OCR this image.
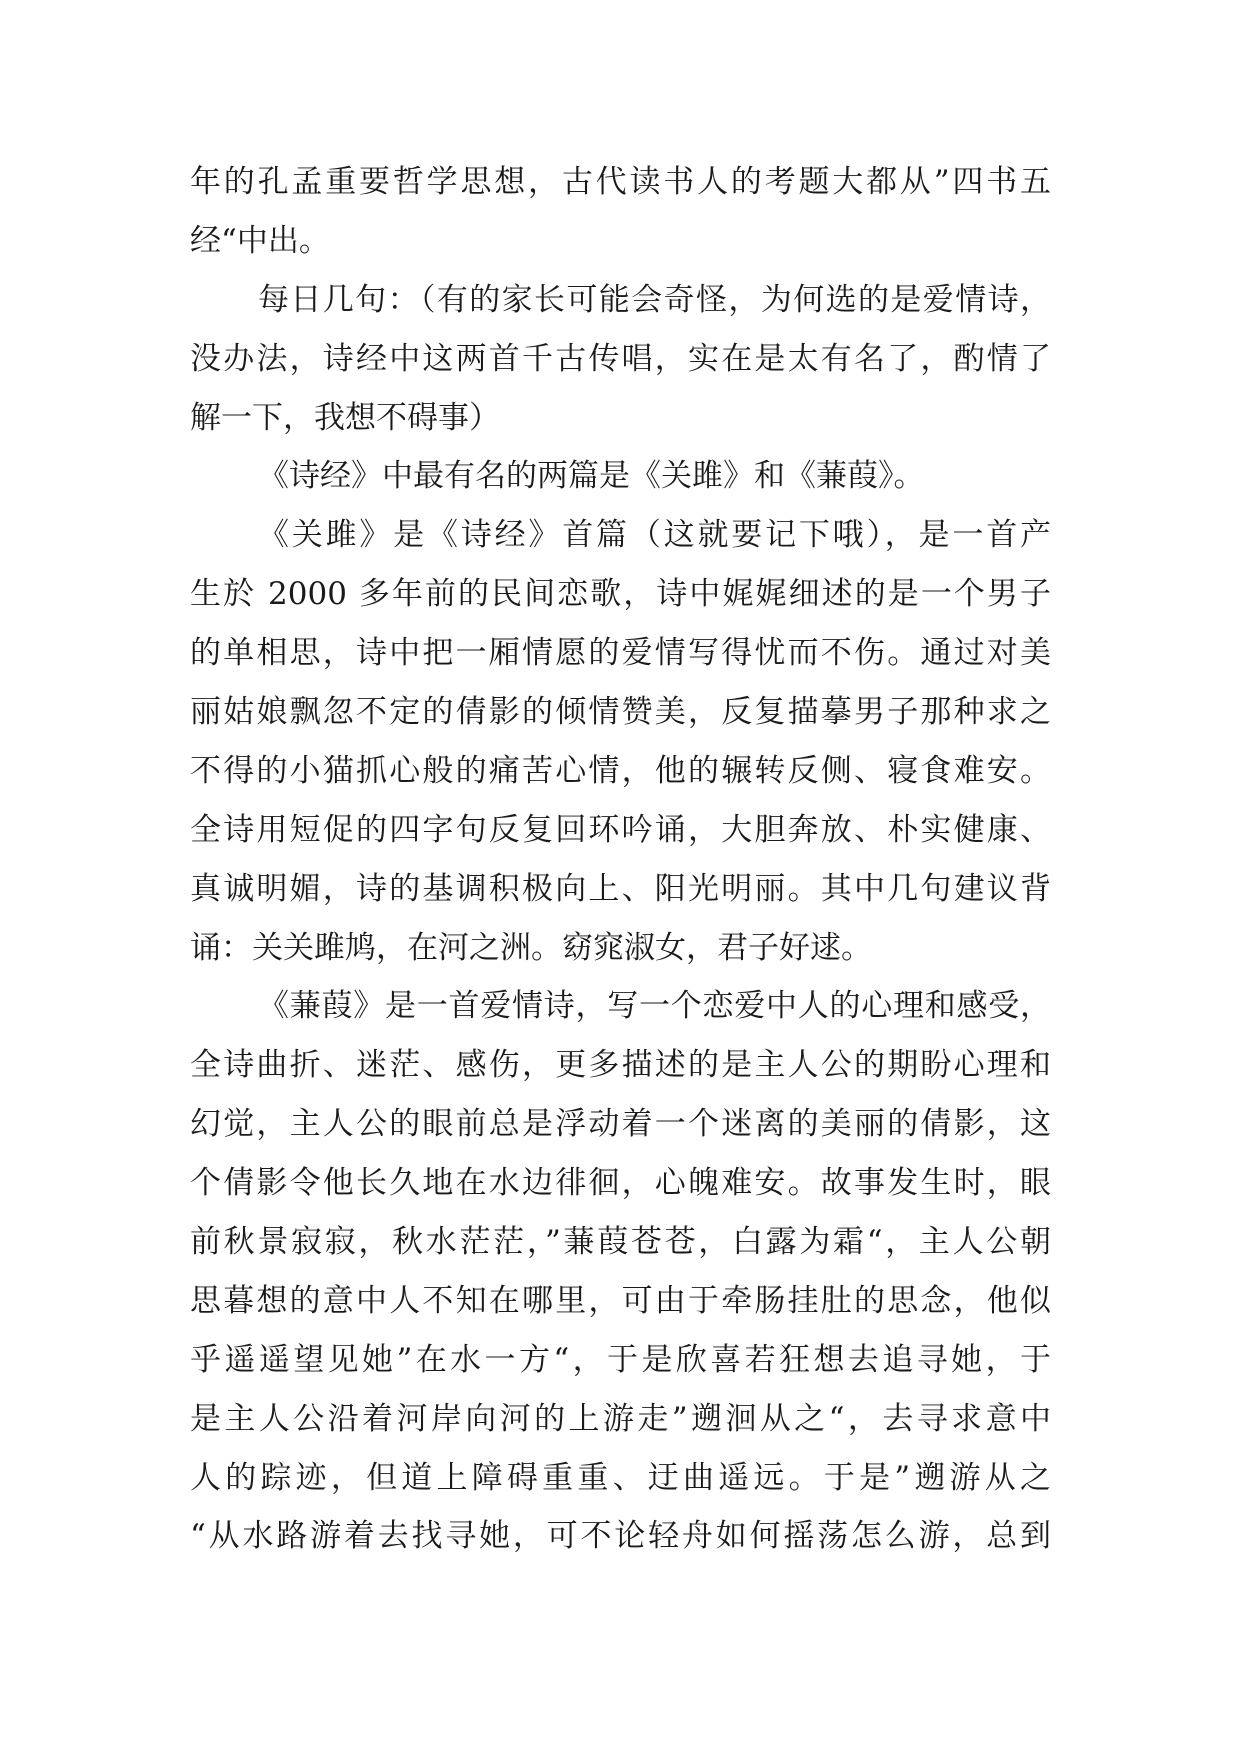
年的孔孟重要哲学思想，古代读书人的考题大都从”四书五
经“中出。
每日几句：（有的家长可能会奇怪，为何选的是爱情诗，
没办法，诗经中这两首千古传唱，实在是太有名了，酌情了
解一下，我想不碍事）
《诗经》中最有名的两篇是《关雎》和《蒹葭》。
《关雎》是《诗经》首篇（这就要记下哦），是一首产
生於 2000 多年前的民间恋歌，诗中娓娓细述的是一个男子
的单相思，诗中把一厢情愿的爱情写得忧而不伤。通过对美
丽姑娘飘忽不定的倩影的倾情赞美，反复描摹男子那种求之
不得的小猫抓心般的痛苦心情，他的辗转反侧、寝食难安。
全诗用短促的四字句反复回环吟诵，大胆奔放、朴实健康、
真诚明媚，诗的基调积极向上、阳光明丽。其中几句建议背
诵：关关雎鸠，在河之洲。窈窕淑女，君子好逑。
《蒹葭》是一首爱情诗，写一个恋爱中人的心理和感受，
全诗曲折、迷茫、感伤，更多描述的是主人公的期盼心理和
幻觉，主人公的眼前总是浮动着一个迷离的美丽的倩影，这
个倩影令他长久地在水边徘徊，心魄难安。故事发生时，眼
前秋景寂寂，秋水茫茫，”蒹葭苍苍，白露为霜“，主人公朝
思暮想的意中人不知在哪里，可由于牵肠挂肚的思念，他似
乎遥遥望见她”在水一方“，于是欣喜若狂想去追寻她，于
是主人公沿着河岸向河的上游走”遡洄从之“，去寻求意中
人的踪迹，但道上障碍重重、迂曲遥远。于是”遡游从之
“从水路游着去找寻她，可不论轻舟如何摇荡怎么游，总到
